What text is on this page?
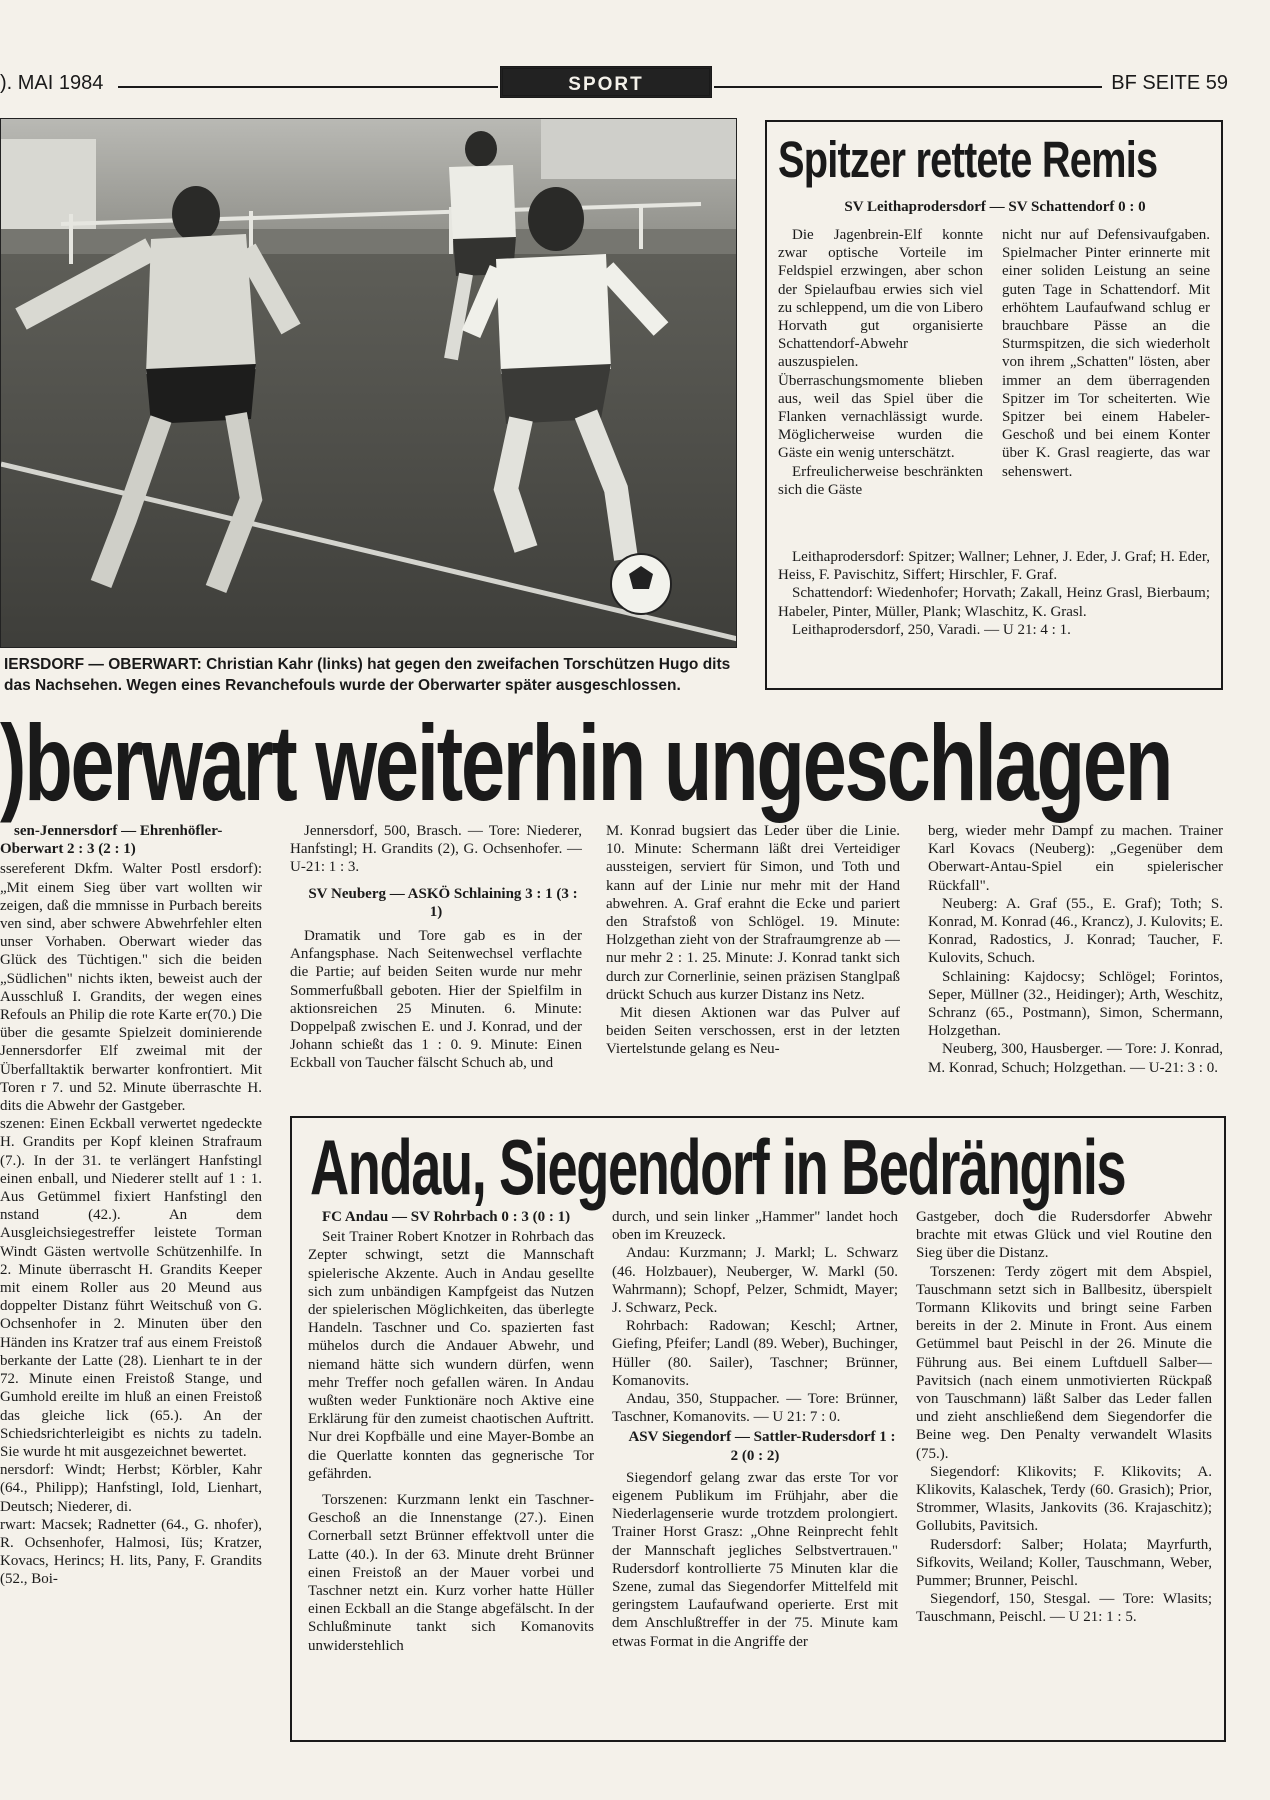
). MAI 1984	SPORT	BF SEITE 59
IERSDORF — OBERWART: Christian Kahr (links) hat gegen den zweifachen Torschützen Hugo dits das Nachsehen. Wegen eines Revanchefouls wurde der Oberwarter später ausgeschlossen.
Spitzer rettete Remis
SV Leithaprodersdorf — SV Schattendorf 0 : 0

Die Jagenbrein-Elf konnte zwar optische Vorteile im Feldspiel erzwingen, aber schon der Spielaufbau erwies sich viel zu schleppend, um die von Libero Horvath gut organisierte Schattendorf-Abwehr auszuspielen. Überraschungsmomente blieben aus, weil das Spiel über die Flanken vernachlässigt wurde. Möglicherweise wurden die Gäste ein wenig unterschätzt.

Erfreulicherweise beschränkten sich die Gäste

nicht nur auf Defensivaufgaben. Spielmacher Pinter erinnerte mit einer soliden Leistung an seine guten Tage in Schattendorf. Mit erhöhtem Laufaufwand schlug er brauchbare Pässe an die Sturmspitzen, die sich wiederholt von ihrem „Schatten" lösten, aber immer an dem überragenden Spitzer im Tor scheiterten. Wie Spitzer bei einem Habeler-Geschoß und bei einem Konter über K. Grasl reagierte, das war sehenswert.

Leithaprodersdorf: Spitzer; Wallner; Lehner, J. Eder, J. Graf; H. Eder, Heiss, F. Pavischitz, Siffert; Hirschler, F. Graf.

Schattendorf: Wiedenhofer; Horvath; Zakall, Heinz Grasl, Bierbaum; Habeler, Pinter, Müller, Plank; Wlaschitz, K. Grasl.

Leithaprodersdorf, 250, Varadi. — U 21: 4 : 1.

)berwart weiterhin ungeschlagen

sen-Jennersdorf — Ehrenhöfler-Oberwart 2 : 3 (2 : 1)

ssereferent Dkfm. Walter Postl ersdorf): „Mit einem Sieg über vart wollten wir zeigen, daß die mmnisse in Purbach bereits ven sind, aber schwere Abwehrfehler elten unser Vorhaben. Oberwart wieder das Glück des Tüchtigen." sich die beiden „Südlichen" nichts ikten, beweist auch der Ausschluß I. Grandits, der wegen eines Refouls an Philip die rote Karte er(70.) Die über die gesamte Spielzeit dominierende Jennersdorfer Elf zweimal mit der Überfalltaktik berwarter konfrontiert. Mit Toren r 7. und 52. Minute überraschte H. dits die Abwehr der Gastgeber.

szenen: Einen Eckball verwertet ngedeckte H. Grandits per Kopf kleinen Strafraum (7.). In der 31. te verlängert Hanfstingl einen enball, und Niederer stellt auf 1 : 1. Aus Getümmel fixiert Hanfstingl den nstand (42.). An dem Ausgleichsiegestreffer leistete Torman Windt Gästen wertvolle Schützenhilfe. In 2. Minute überrascht H. Grandits Keeper mit einem Roller aus 20 Meund aus doppelter Distanz führt Weitschuß von G. Ochsenhofer in 2. Minuten über den Händen ins Kratzer traf aus einem Freistoß berkante der Latte (28). Lienhart te in der 72. Minute einen Freistoß Stange, und Gumhold ereilte im hluß an einen Freistoß das gleiche lick (65.). An der Schiedsrichterleigibt es nichts zu tadeln. Sie wurde ht mit ausgezeichnet bewertet.

nersdorf: Windt; Herbst; Körbler, Kahr (64., Philipp); Hanfstingl, Iold, Lienhart, Deutsch; Niederer, di.

rwart: Macsek; Radnetter (64., G. nhofer), R. Ochsenhofer, Halmosi, Iüs; Kratzer, Kovacs, Herincs; H. lits, Pany, F. Grandits (52., Boi-

Jennersdorf, 500, Brasch. — Tore: Niederer, Hanfstingl; H. Grandits (2), G. Ochsenhofer. — U-21: 1 : 3.

SV Neuberg — ASKÖ Schlaining 3 : 1 (3 : 1)

Dramatik und Tore gab es in der Anfangsphase. Nach Seitenwechsel verflachte die Partie; auf beiden Seiten wurde nur mehr Sommerfußball geboten. Hier der Spielfilm in aktionsreichen 25 Minuten. 6. Minute: Doppelpaß zwischen E. und J. Konrad, und der Johann schießt das 1 : 0. 9. Minute: Einen Eckball von Taucher fälscht Schuch ab, und

M. Konrad bugsiert das Leder über die Linie. 10. Minute: Schermann läßt drei Verteidiger aussteigen, serviert für Simon, und Toth und kann auf der Linie nur mehr mit der Hand abwehren. A. Graf erahnt die Ecke und pariert den Strafstoß von Schlögel. 19. Minute: Holzgethan zieht von der Strafraumgrenze ab — nur mehr 2 : 1. 25. Minute: J. Konrad tankt sich durch zur Cornerlinie, seinen präzisen Stanglpaß drückt Schuch aus kurzer Distanz ins Netz.

Mit diesen Aktionen war das Pulver auf beiden Seiten verschossen, erst in der letzten Viertelstunde gelang es Neu-

berg, wieder mehr Dampf zu machen. Trainer Karl Kovacs (Neuberg): „Gegenüber dem Oberwart-Antau-Spiel ein spielerischer Rückfall".

Neuberg: A. Graf (55., E. Graf); Toth; S. Konrad, M. Konrad (46., Krancz), J. Kulovits; E. Konrad, Radostics, J. Konrad; Taucher, F. Kulovits, Schuch.

Schlaining: Kajdocsy; Schlögel; Forintos, Seper, Müllner (32., Heidinger); Arth, Weschitz, Schranz (65., Postmann), Simon, Schermann, Holzgethan.

Neuberg, 300, Hausberger. — Tore: J. Konrad, M. Konrad, Schuch; Holzgethan. — U-21: 3 : 0.

Andau, Siegendorf in Bedrängnis

FC Andau — SV Rohrbach 0 : 3 (0 : 1)

Seit Trainer Robert Knotzer in Rohrbach das Zepter schwingt, setzt die Mannschaft spielerische Akzente. Auch in Andau gesellte sich zum unbändigen Kampfgeist das Nutzen der spielerischen Möglichkeiten, das überlegte Handeln. Taschner und Co. spazierten fast mühelos durch die Andauer Abwehr, und niemand hätte sich wundern dürfen, wenn mehr Treffer noch gefallen wären. In Andau wußten weder Funktionäre noch Aktive eine Erklärung für den zumeist chaotischen Auftritt. Nur drei Kopfbälle und eine Mayer-Bombe an die Querlatte konnten das gegnerische Tor gefährden.

Torszenen: Kurzmann lenkt ein Taschner-Geschoß an die Innenstange (27.). Einen Cornerball setzt Brünner effektvoll unter die Latte (40.). In der 63. Minute dreht Brünner einen Freistoß an der Mauer vorbei und Taschner netzt ein. Kurz vorher hatte Hüller einen Eckball an die Stange abgefälscht. In der Schlußminute tankt sich Komanovits unwiderstehlich

durch, und sein linker „Hammer" landet hoch oben im Kreuzeck.

Andau: Kurzmann; J. Markl; L. Schwarz (46. Holzbauer), Neuberger, W. Markl (50. Wahrmann); Schopf, Pelzer, Schmidt, Mayer; J. Schwarz, Peck.

Rohrbach: Radowan; Keschl; Artner, Giefing, Pfeifer; Landl (89. Weber), Buchinger, Hüller (80. Sailer), Taschner; Brünner, Komanovits.

Andau, 350, Stuppacher. — Tore: Brünner, Taschner, Komanovits. — U 21: 7 : 0.

ASV Siegendorf — Sattler-Rudersdorf 1 : 2 (0 : 2)

Siegendorf gelang zwar das erste Tor vor eigenem Publikum im Frühjahr, aber die Niederlagenserie wurde trotzdem prolongiert. Trainer Horst Grasz: „Ohne Reinprecht fehlt der Mannschaft jegliches Selbstvertrauen." Rudersdorf kontrollierte 75 Minuten klar die Szene, zumal das Siegendorfer Mittelfeld mit geringstem Laufaufwand operierte. Erst mit dem Anschlußtreffer in der 75. Minute kam etwas Format in die Angriffe der

Gastgeber, doch die Rudersdorfer Abwehr brachte mit etwas Glück und viel Routine den Sieg über die Distanz.

Torszenen: Terdy zögert mit dem Abspiel, Tauschmann setzt sich in Ballbesitz, überspielt Tormann Klikovits und bringt seine Farben bereits in der 2. Minute in Front. Aus einem Getümmel baut Peischl in der 26. Minute die Führung aus. Bei einem Luftduell Salber—Pavitsich (nach einem unmotivierten Rückpaß von Tauschmann) läßt Salber das Leder fallen und zieht anschließend dem Siegendorfer die Beine weg. Den Penalty verwandelt Wlasits (75.).

Siegendorf: Klikovits; F. Klikovits; A. Klikovits, Kalaschek, Terdy (60. Grasich); Prior, Strommer, Wlasits, Jankovits (36. Krajaschitz); Gollubits, Pavitsich.

Rudersdorf: Salber; Holata; Mayrfurth, Sifkovits, Weiland; Koller, Tauschmann, Weber, Pummer; Brunner, Peischl.

Siegendorf, 150, Stesgal. — Tore: Wlasits; Tauschmann, Peischl. — U 21: 1 : 5.
